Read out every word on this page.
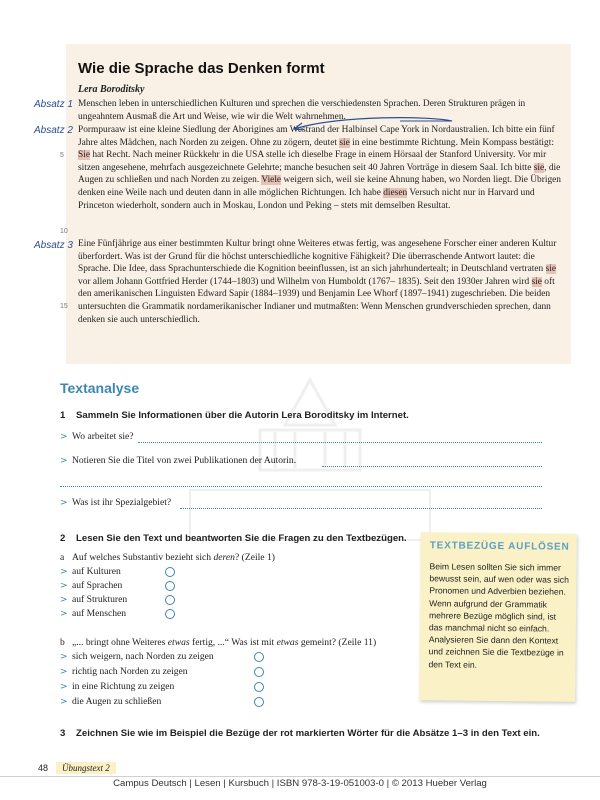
Wie die Sprache das Denken formt

Lera Boroditsky

Absatz 1
Absatz 2
Absatz 3
5
10
15

Menschen leben in unterschiedlichen Kulturen und sprechen die verschiedensten Sprachen. Deren Strukturen prägen in ungeahntem Ausmaß die Art und Weise, wie wir die Welt wahrnehmen.

Pormpuraaw ist eine kleine Siedlung der Aborigines am Westrand der Halbinsel Cape York in Nordaustralien. Ich bitte ein fünf Jahre altes Mädchen, nach Norden zu zeigen. Ohne zu zögern, deutet sie in eine bestimmte Richtung. Mein Kompass bestätigt: Sie hat Recht. Nach meiner Rückkehr in die USA stelle ich dieselbe Frage in einem Hörsaal der Stanford University. Vor mir sitzen angesehene, mehrfach ausgezeichnete Gelehrte; manche besuchen seit 40 Jahren Vorträge in diesem Saal. Ich bitte sie, die Augen zu schließen und nach Norden zu zeigen. Viele weigern sich, weil sie keine Ahnung haben, wo Norden liegt. Die Übrigen denken eine Weile nach und deuten dann in alle möglichen Richtungen. Ich habe diesen Versuch nicht nur in Harvard und Princeton wiederholt, sondern auch in Moskau, London und Peking – stets mit demselben Resultat.

Eine Fünfjährige aus einer bestimmten Kultur bringt ohne Weiteres etwas fertig, was angesehene Forscher einer anderen Kultur überfordert. Was ist der Grund für die höchst unterschiedliche kognitive Fähigkeit? Die überraschende Antwort lautet: die Sprache. Die Idee, dass Sprachunterschiede die Kognition beeinflussen, ist an sich jahrhundertealt; in Deutschland vertraten sie vor allem Johann Gottfried Herder (1744–1803) und Wilhelm von Humboldt (1767– 1835). Seit den 1930er Jahren wird sie oft den amerikanischen Linguisten Edward Sapir (1884–1939) und Benjamin Lee Whorf (1897–1941) zugeschrieben. Die beiden untersuchten die Grammatik nordamerikanischer Indianer und mutmaßten: Wenn Menschen grundverschieden sprechen, dann denken sie auch unterschiedlich.

Textanalyse

1 Sammeln Sie Informationen über die Autorin Lera Boroditsky im Internet.

> Wo arbeitet sie?
> Notieren Sie die Titel von zwei Publikationen der Autorin.
> Was ist ihr Spezialgebiet?

2 Lesen Sie den Text und beantworten Sie die Fragen zu den Textbezügen.

a Auf welches Substantiv bezieht sich deren? (Zeile 1)
> auf Kulturen
> auf Sprachen
> auf Strukturen
> auf Menschen
b „... bringt ohne Weiteres etwas fertig, ...“ Was ist mit etwas gemeint? (Zeile 11)
> sich weigern, nach Norden zu zeigen
> richtig nach Norden zu zeigen
> in eine Richtung zu zeigen
> die Augen zu schließen

3 Zeichnen Sie wie im Beispiel die Bezüge der rot markierten Wörter für die Absätze 1–3 in den Text ein.

TEXTBEZÜGE AUFLÖSEN

Beim Lesen sollten Sie sich immer bewusst sein, auf wen oder was sich Pronomen und Adverbien beziehen. Wenn aufgrund der Grammatik mehrere Bezüge möglich sind, ist das manchmal nicht so einfach. Analysieren Sie dann den Kontext und zeichnen Sie die Textbezüge in den Text ein.

48	Übungstext 2
Campus Deutsch | Lesen | Kursbuch | ISBN 978-3-19-051003-0 | © 2013 Hueber Verlag
